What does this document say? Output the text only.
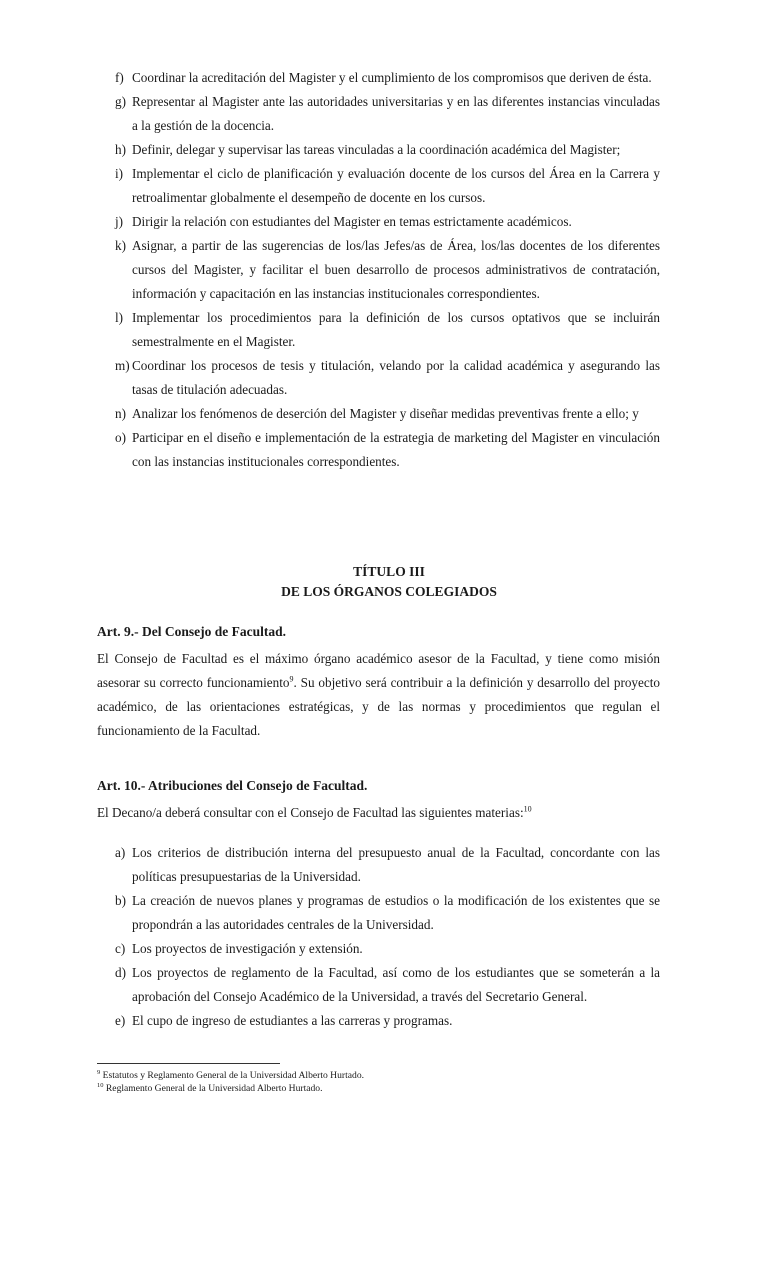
f) Coordinar la acreditación del Magister y el cumplimiento de los compromisos que deriven de ésta.
g) Representar al Magister ante las autoridades universitarias y en las diferentes instancias vinculadas a la gestión de la docencia.
h) Definir, delegar y supervisar las tareas vinculadas a la coordinación académica del Magister;
i) Implementar el ciclo de planificación y evaluación docente de los cursos del Área en la Carrera y retroalimentar globalmente el desempeño de docente en los cursos.
j) Dirigir la relación con estudiantes del Magister en temas estrictamente académicos.
k) Asignar, a partir de las sugerencias de los/las Jefes/as de Área, los/las docentes de los diferentes cursos del Magister, y facilitar el buen desarrollo de procesos administrativos de contratación, información y capacitación en las instancias institucionales correspondientes.
l) Implementar los procedimientos para la definición de los cursos optativos que se incluirán semestralmente en el Magister.
m) Coordinar los procesos de tesis y titulación, velando por la calidad académica y asegurando las tasas de titulación adecuadas.
n) Analizar los fenómenos de deserción del Magister y diseñar medidas preventivas frente a ello; y
o) Participar en el diseño e implementación de la estrategia de marketing del Magister en vinculación con las instancias institucionales correspondientes.
TÍTULO III
DE LOS ÓRGANOS COLEGIADOS
Art. 9.- Del Consejo de Facultad.

El Consejo de Facultad es el máximo órgano académico asesor de la Facultad, y tiene como misión asesorar su correcto funcionamiento$^9$. Su objetivo será contribuir a la definición y desarrollo del proyecto académico, de las orientaciones estratégicas, y de las normas y procedimientos que regulan el funcionamiento de la Facultad.

Art. 10.- Atribuciones del Consejo de Facultad.

El Decano/a deberá consultar con el Consejo de Facultad las siguientes materias:$^{10}$

a) Los criterios de distribución interna del presupuesto anual de la Facultad, concordante con las políticas presupuestarias de la Universidad.
b) La creación de nuevos planes y programas de estudios o la modificación de los existentes que se propondrán a las autoridades centrales de la Universidad.
c) Los proyectos de investigación y extensión.
d) Los proyectos de reglamento de la Facultad, así como de los estudiantes que se someterán a la aprobación del Consejo Académico de la Universidad, a través del Secretario General.
e) El cupo de ingreso de estudiantes a las carreras y programas.
$^9$ Estatutos y Reglamento General de la Universidad Alberto Hurtado.
$^{10}$ Reglamento General de la Universidad Alberto Hurtado.
